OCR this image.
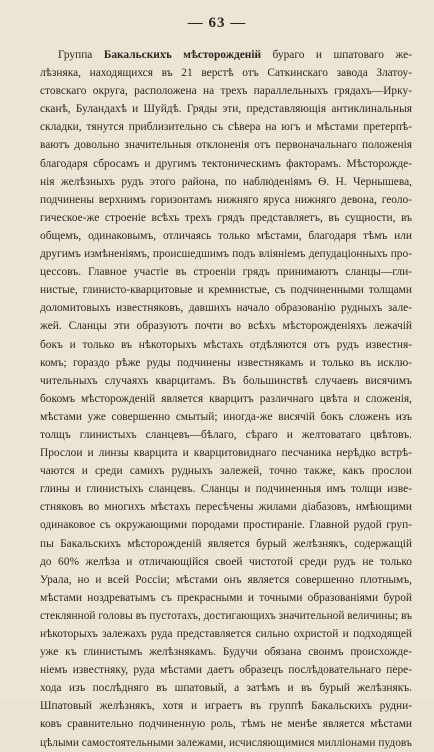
— 63 —
Группа Бакальскихъ мѣсторожденій бураго и шпатоваго же-
лѣзняка, находящихся въ 21 верстѣ отъ Саткинскаго завода Златоу-
стовскаго округа, расположена на трехъ параллельныхъ грядахъ—Ирку-
сканѣ, Буландахѣ и Шуйдѣ. Гряды эти, представляющія антиклинальныя
складки, тянутся приблизительно съ сѣвера на югъ и мѣстами претерпѣ-
ваютъ довольно значительныя отклоненія отъ первоначальнаго положенія
благодаря сбросамъ и другимъ тектоническимъ факторамъ. Мѣсторожде-
нія желѣзныхъ рудъ этого района, по наблюденіямъ Ѳ. Н. Чернышева,
подчинены верхнимъ горизонтамъ нижняго яруса нижняго девона, геоло-
гическое-же строеніе всѣхъ трехъ грядъ представляетъ, въ сущности, въ
общемъ, одинаковымъ, отличаясь только мѣстами, благодаря тѣмъ или
другимъ измѣненіямъ, происшедшимъ подъ вліяніемъ депудаціонныхъ про-
цессовъ. Главное участіе въ строеніи грядъ принимаютъ сланцы—гли-
нистые, глинисто-кварцитовые и кремнистые, съ подчиненными толщами
доломитовыхъ известняковъ, давшихъ начало образованію рудныхъ зале-
жей. Сланцы эти образуютъ почти во всѣхъ мѣсторожденіяхъ лежачій
бокъ и только въ нѣкоторыхъ мѣстахъ отдѣляются отъ рудъ известня-
комъ; гораздо рѣже руды подчинены известнякамъ и только въ исклю-
чительныхъ случаяхъ кварцитамъ. Въ большинствѣ случаевъ висячимъ
бокомъ мѣсторожденій является кварцитъ различнаго цвѣта и сложенія,
мѣстами уже совершенно смытый; иногда-же висячій бокъ сложенъ изъ
толщъ глинистыхъ сланцевъ—бѣлаго, сѣраго и желтоватаго цвѣтовъ.
Прослои и линзы кварцита и кварцитовиднаго песчаника нерѣдко встрѣ-
чаются и среди самихъ рудныхъ залежей, точно также, какъ прослои
глины и глинистыхъ сланцевъ. Сланцы и подчиненныя имъ толщи изве-
стняковъ во многихъ мѣстахъ пересѣчены жилами діабазовъ, имѣющими
одинаковое съ окружающими породами простираніе. Главной рудой груп-
пы Бакальскихъ мѣсторожденій является бурый желѣзнякъ, содержащій
до 60% желѣза и отличающійся своей чистотой среди рудъ не только
Урала, но и всей Россіи; мѣстами онъ является совершенно плотнымъ,
мѣстами ноздреватымъ съ прекрасными и точными образованіями бурой
стеклянной головы въ пустотахъ, достигающихъ значительной величины; въ
нѣкоторыхъ залежахъ руда представляется сильно охристой и подходящей
уже къ глинистымъ желѣзнякамъ. Будучи обязана своимъ происхожде-
ніемъ известняку, руда мѣстами даетъ образецъ послѣдовательнаго пере-
хода изъ послѣдняго въ шпатовый, а затѣмъ и въ бурый желѣзнякъ.
Шпатовый желѣзнякъ, хотя и играетъ въ группѣ Бакальскихъ рудни-
ковъ сравнительно подчиненную роль, тѣмъ не менѣе является мѣстами
цѣлыми самостоятельными залежами, исчисляющимися милліонами пудовъ
